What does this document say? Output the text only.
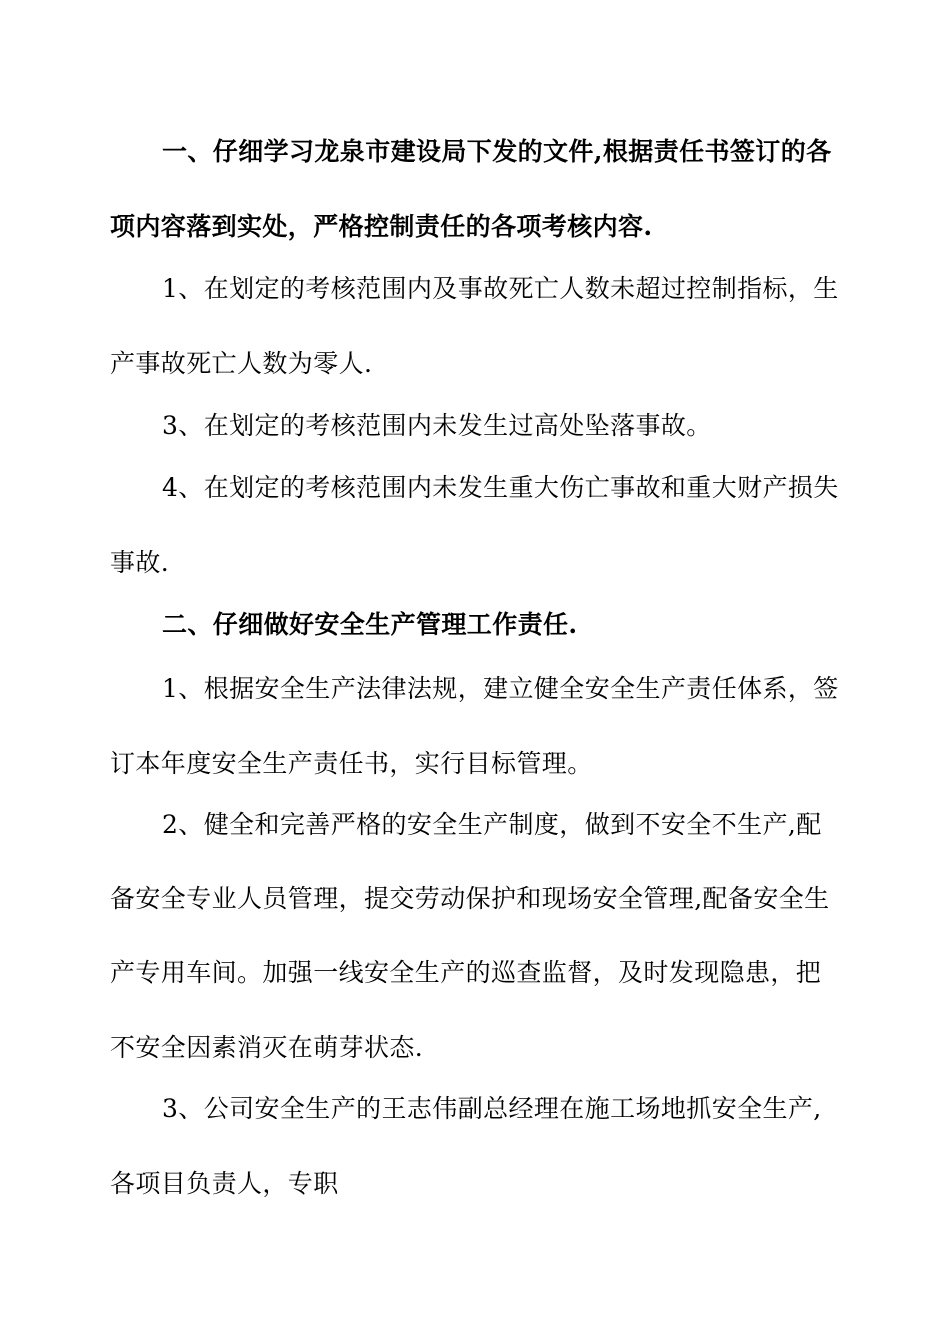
一、仔细学习龙泉市建设局下发的文件,根据责任书签订的各
项内容落到实处，严格控制责任的各项考核内容.
1、在划定的考核范围内及事故死亡人数未超过控制指标，生
产事故死亡人数为零人.
3、在划定的考核范围内未发生过高处坠落事故。
4、在划定的考核范围内未发生重大伤亡事故和重大财产损失
事故.
二、仔细做好安全生产管理工作责任.
1、根据安全生产法律法规，建立健全安全生产责任体系，签
订本年度安全生产责任书，实行目标管理。
2、健全和完善严格的安全生产制度，做到不安全不生产,配
备安全专业人员管理，提交劳动保护和现场安全管理,配备安全生
产专用车间。加强一线安全生产的巡查监督，及时发现隐患，把
不安全因素消灭在萌芽状态.
3、公司安全生产的王志伟副总经理在施工场地抓安全生产,
各项目负责人，专职
